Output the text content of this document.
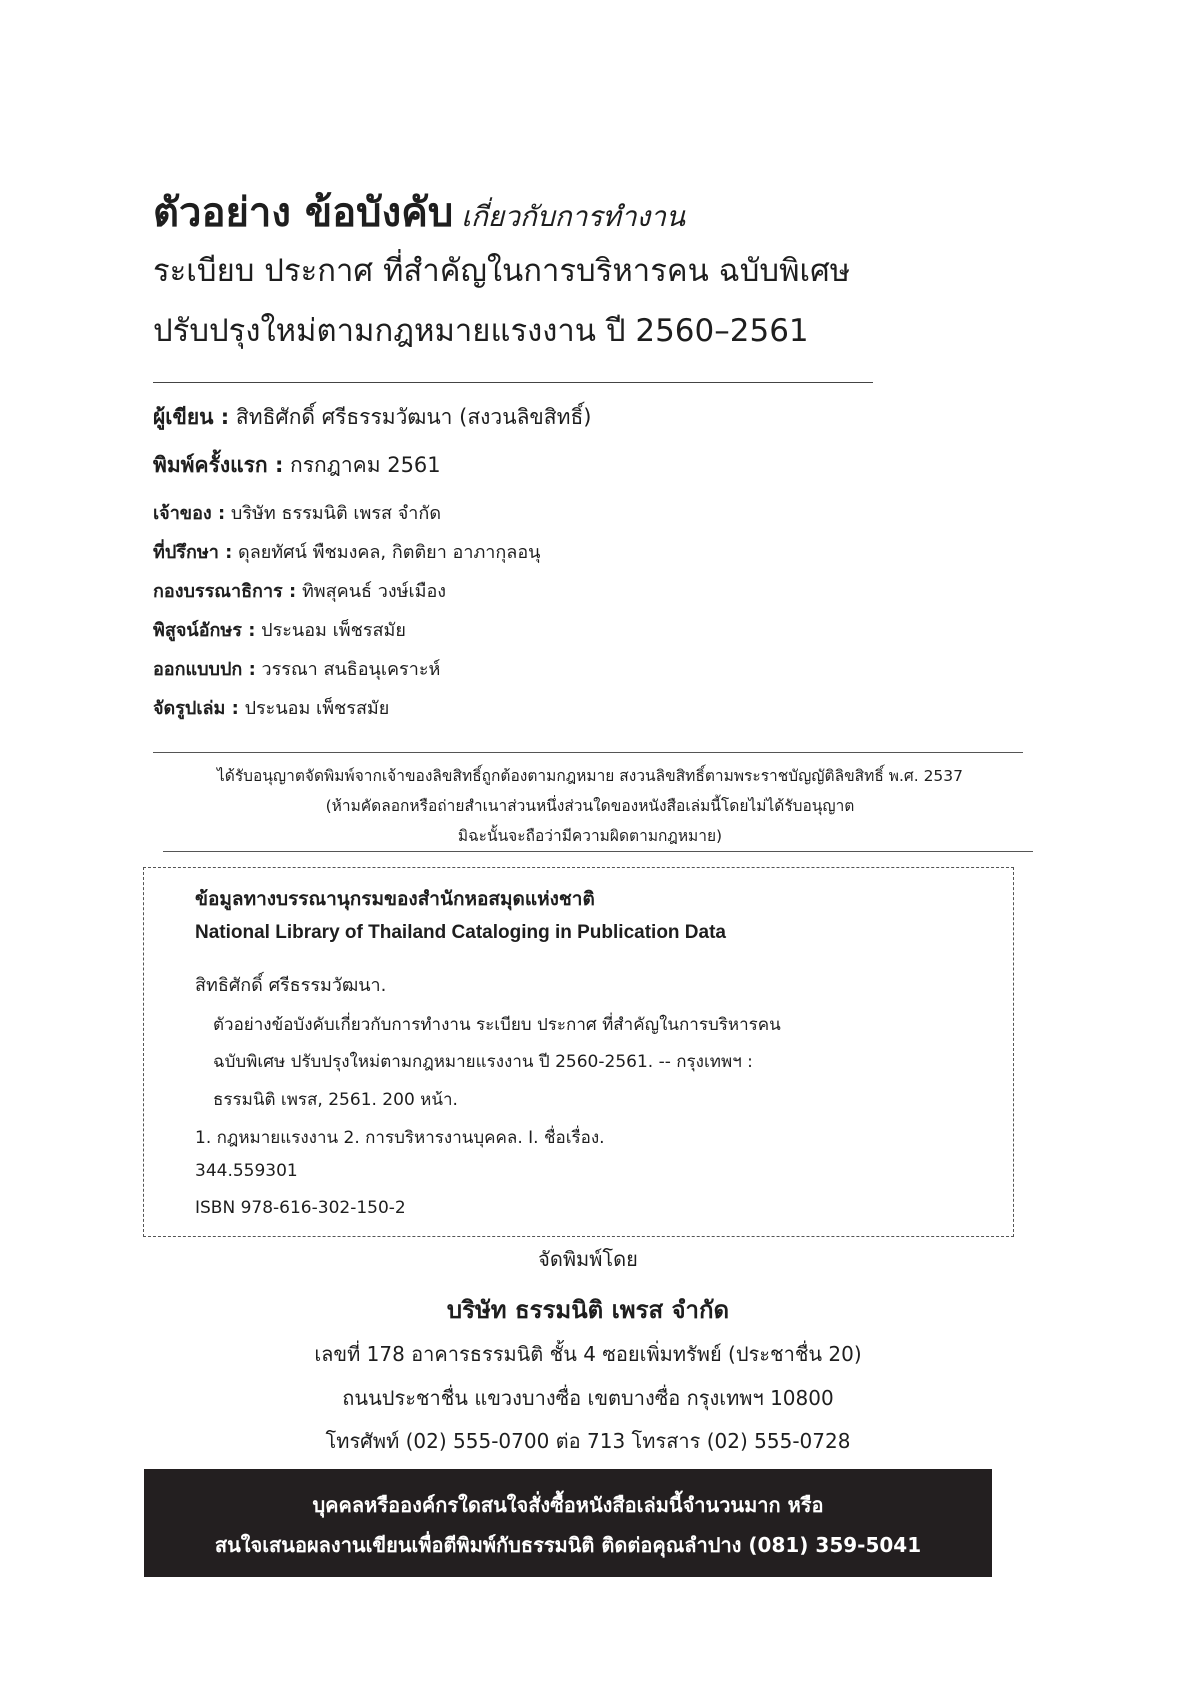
ตัวอย่าง ข้อบังคับ เกี่ยวกับการทำงาน
ระเบียบ ประกาศ ที่สำคัญในการบริหารคน ฉบับพิเศษ
ปรับปรุงใหม่ตามกฎหมายแรงงาน ปี 2560–2561
ผู้เขียน : สิทธิศักดิ์ ศรีธรรมวัฒนา (สงวนลิขสิทธิ์)
พิมพ์ครั้งแรก : กรกฎาคม 2561
เจ้าของ : บริษัท ธรรมนิติ เพรส จำกัด
ที่ปรึกษา : ดุลยทัศน์ พืชมงคล, กิตติยา อาภากุลอนุ
กองบรรณาธิการ : ทิพสุคนธ์ วงษ์เมือง
พิสูจน์อักษร : ประนอม เพ็ชรสมัย
ออกแบบปก : วรรณา สนธิอนุเคราะห์
จัดรูปเล่ม : ประนอม เพ็ชรสมัย
ได้รับอนุญาตจัดพิมพ์จากเจ้าของลิขสิทธิ์ถูกต้องตามกฎหมาย สงวนลิขสิทธิ์ตามพระราชบัญญัติลิขสิทธิ์ พ.ศ. 2537
(ห้ามคัดลอกหรือถ่ายสำเนาส่วนหนึ่งส่วนใดของหนังสือเล่มนี้โดยไม่ได้รับอนุญาต
มิฉะนั้นจะถือว่ามีความผิดตามกฎหมาย)
ข้อมูลทางบรรณานุกรมของสำนักหอสมุดแห่งชาติ
National Library of Thailand Cataloging in Publication Data
สิทธิศักดิ์ ศรีธรรมวัฒนา.
ตัวอย่างข้อบังคับเกี่ยวกับการทำงาน ระเบียบ ประกาศ ที่สำคัญในการบริหารคน
ฉบับพิเศษ ปรับปรุงใหม่ตามกฎหมายแรงงาน ปี 2560-2561. -- กรุงเทพฯ :
ธรรมนิติ เพรส, 2561. 200 หน้า.
1. กฎหมายแรงงาน 2. การบริหารงานบุคคล. I. ชื่อเรื่อง.
344.559301
ISBN 978-616-302-150-2
จัดพิมพ์โดย
บริษัท ธรรมนิติ เพรส จำกัด
เลขที่ 178 อาคารธรรมนิติ ชั้น 4 ซอยเพิ่มทรัพย์ (ประชาชื่น 20)
ถนนประชาชื่น แขวงบางซื่อ เขตบางซื่อ กรุงเทพฯ 10800
โทรศัพท์ (02) 555-0700 ต่อ 713 โทรสาร (02) 555-0728
บุคคลหรือองค์กรใดสนใจสั่งซื้อหนังสือเล่มนี้จำนวนมาก หรือ
สนใจเสนอผลงานเขียนเพื่อตีพิมพ์กับธรรมนิติ ติดต่อคุณลำปาง (081) 359-5041
